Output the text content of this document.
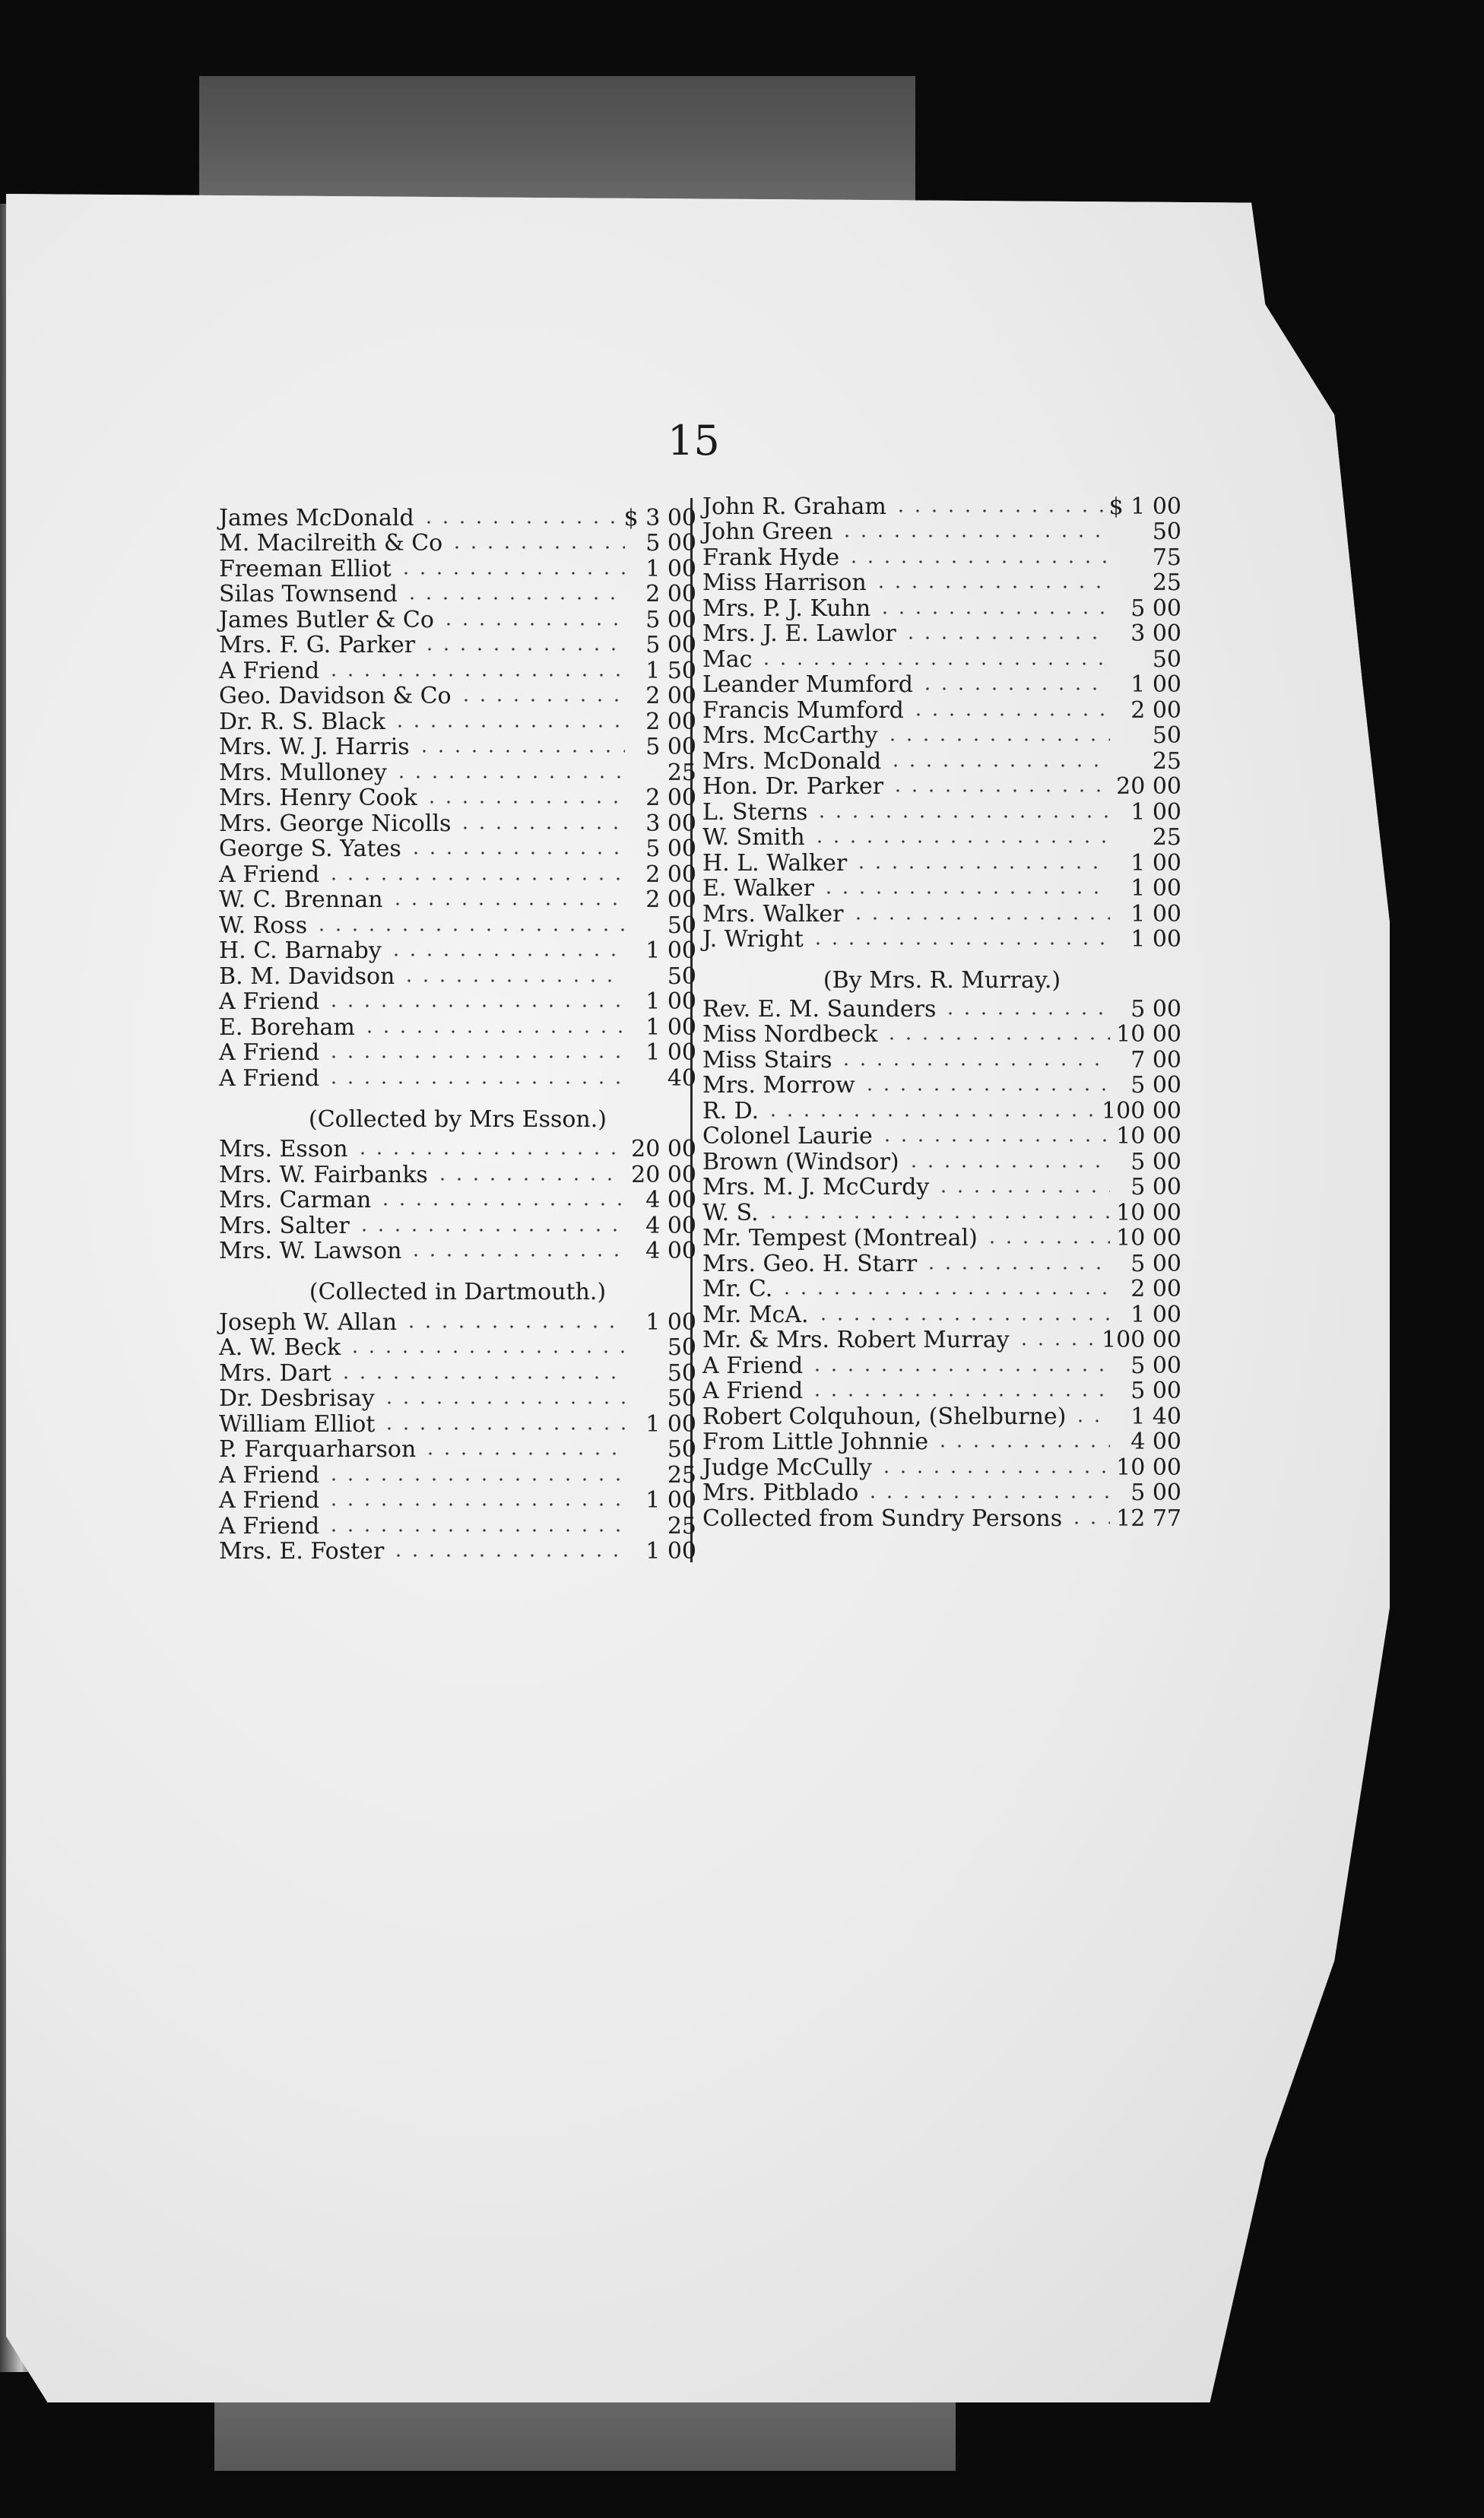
15
James McDonald	$ 3 00
M. Macilreith & Co	5 00
Freeman Elliot	1 00
Silas Townsend	2 00
James Butler & Co	5 00
Mrs. F. G. Parker	5 00
A Friend	1 50
Geo. Davidson & Co	2 00
Dr. R. S. Black	2 00
Mrs. W. J. Harris	5 00
Mrs. Mulloney	25
Mrs. Henry Cook	2 00
Mrs. George Nicolls	3 00
George S. Yates	5 00
A Friend	2 00
W. C. Brennan	2 00
W. Ross	50
H. C. Barnaby	1 00
B. M. Davidson	50
A Friend	1 00
E. Boreham	1 00
A Friend	1 00
A Friend	40
(Collected by Mrs Esson.)
Mrs. Esson	20 00
Mrs. W. Fairbanks	20 00
Mrs. Carman	4 00
Mrs. Salter	4 00
Mrs. W. Lawson	4 00
(Collected in Dartmouth.)
Joseph W. Allan	1 00
A. W. Beck	50
Mrs. Dart	50
Dr. Desbrisay	50
William Elliot	1 00
P. Farquarharson	50
A Friend	25
A Friend	1 00
A Friend	25
Mrs. E. Foster	1 00
John R. Graham	$ 1 00
John Green	50
Frank Hyde	75
Miss Harrison	25
Mrs. P. J. Kuhn	5 00
Mrs. J. E. Lawlor	3 00
Mac	50
Leander Mumford	1 00
Francis Mumford	2 00
Mrs. McCarthy	50
Mrs. McDonald	25
Hon. Dr. Parker	20 00
L. Sterns	1 00
W. Smith	25
H. L. Walker	1 00
E. Walker	1 00
Mrs. Walker	1 00
J. Wright	1 00
(By Mrs. R. Murray.)
Rev. E. M. Saunders	5 00
Miss Nordbeck	10 00
Miss Stairs	7 00
Mrs. Morrow	5 00
R. D.	100 00
Colonel Laurie	10 00
Brown (Windsor)	5 00
Mrs. M. J. McCurdy	5 00
W. S.	10 00
Mr. Tempest (Montreal)	10 00
Mrs. Geo. H. Starr	5 00
Mr. C.	2 00
Mr. McA.	1 00
Mr. & Mrs. Robert Murray	100 00
A Friend	5 00
A Friend	5 00
Robert Colquhoun, (Shelburne)	1 40
From Little Johnnie	4 00
Judge McCully	10 00
Mrs. Pitblado	5 00
Collected from Sundry Persons 12 77
